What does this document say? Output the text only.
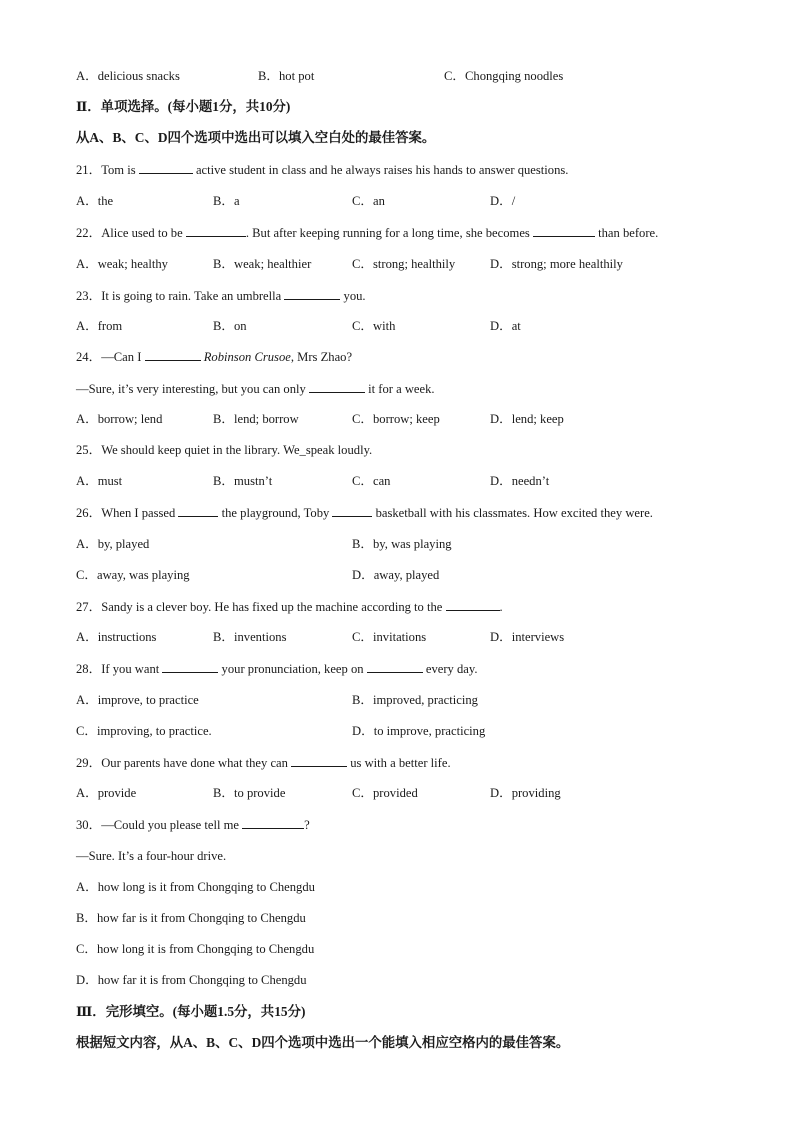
A．delicious snacks	B．hot pot	C．Chongqing noodles
Ⅱ．单项选择。(每小题1分，共10分)
从A、B、C、D四个选项中选出可以填入空白处的最佳答案。
21．Tom is	active student in class and he always raises his hands to answer questions.
A．the	B．a	C．an	D．/
22．Alice used to be	. But after keeping running for a long time, she becomes	than before.
A．weak; healthy	B．weak; healthier	C．strong; healthily	D．strong; more healthily
23．It is going to rain. Take an umbrella	you.
A．from	B．on	C．with	D．at
24．—Can I	Robinson Crusoe, Mrs Zhao?
—Sure, it’s very interesting, but you can only	it for a week.
A．borrow; lend	B．lend; borrow	C．borrow; keep	D．lend; keep
25．We should keep quiet in the library. We_speak loudly.
A．must	B．mustn’t	C．can	D．needn’t
26．When I passed	the playground, Toby	basketball with his classmates. How excited they were.
A．by, played	B．by, was playing
C．away, was playing	D．away, played
27．Sandy is a clever boy. He has fixed up the machine according to the	.
A．instructions	B．inventions	C．invitations	D．interviews
28．If you want	your pronunciation, keep on	every day.
A．improve, to practice	B．improved, practicing
C．improving, to practice.	D．to improve, practicing
29．Our parents have done what they can	us with a better life.
A．provide	B．to provide	C．provided	D．providing
30．—Could you please tell me	?
—Sure. It’s a four-hour drive.
A．how long is it from Chongqing to Chengdu
B．how far is it from Chongqing to Chengdu
C．how long it is from Chongqing to Chengdu
D．how far it is from Chongqing to Chengdu
Ⅲ．完形填空。(每小题1.5分，共15分)
根据短文内容，从A、B、C、D四个选项中选出一个能填入相应空格内的最佳答案。
